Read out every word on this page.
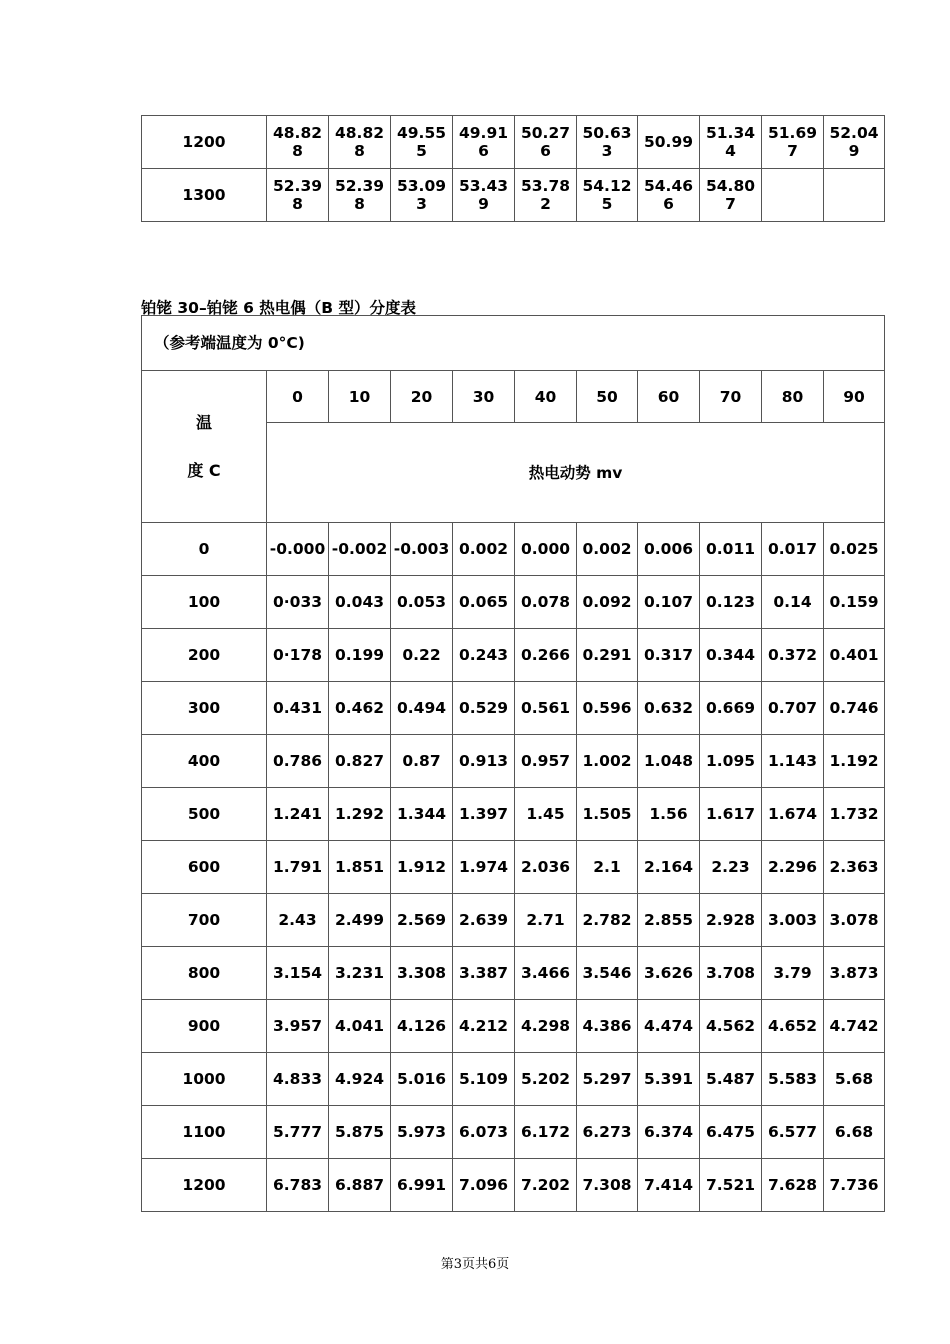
1200	48.828	48.828	49.555	49.916	50.276	50.633	50.99	51.344	51.697	52.049
1300	52.398	52.398	53.093	53.439	53.782	54.125	54.466	54.807		
铂铑 30–铂铑 6 热电偶（B 型）分度表
（参考端温度为 0°C)										

温
度 C	0	10	20	30	40	50	60	70	80	90
	热电动势 mv									
0	-0.000	-0.002	-0.003	0.002	0.000	0.002	0.006	0.011	0.017	0.025
100	0·033	0.043	0.053	0.065	0.078	0.092	0.107	0.123	0.14	0.159
200	0·178	0.199	0.22	0.243	0.266	0.291	0.317	0.344	0.372	0.401
300	0.431	0.462	0.494	0.529	0.561	0.596	0.632	0.669	0.707	0.746
400	0.786	0.827	0.87	0.913	0.957	1.002	1.048	1.095	1.143	1.192
500	1.241	1.292	1.344	1.397	1.45	1.505	1.56	1.617	1.674	1.732
600	1.791	1.851	1.912	1.974	2.036	2.1	2.164	2.23	2.296	2.363
700	2.43	2.499	2.569	2.639	2.71	2.782	2.855	2.928	3.003	3.078
800	3.154	3.231	3.308	3.387	3.466	3.546	3.626	3.708	3.79	3.873
900	3.957	4.041	4.126	4.212	4.298	4.386	4.474	4.562	4.652	4.742
1000	4.833	4.924	5.016	5.109	5.202	5.297	5.391	5.487	5.583	5.68
1100	5.777	5.875	5.973	6.073	6.172	6.273	6.374	6.475	6.577	6.68
1200	6.783	6.887	6.991	7.096	7.202	7.308	7.414	7.521	7.628	7.736
第3页共6页
